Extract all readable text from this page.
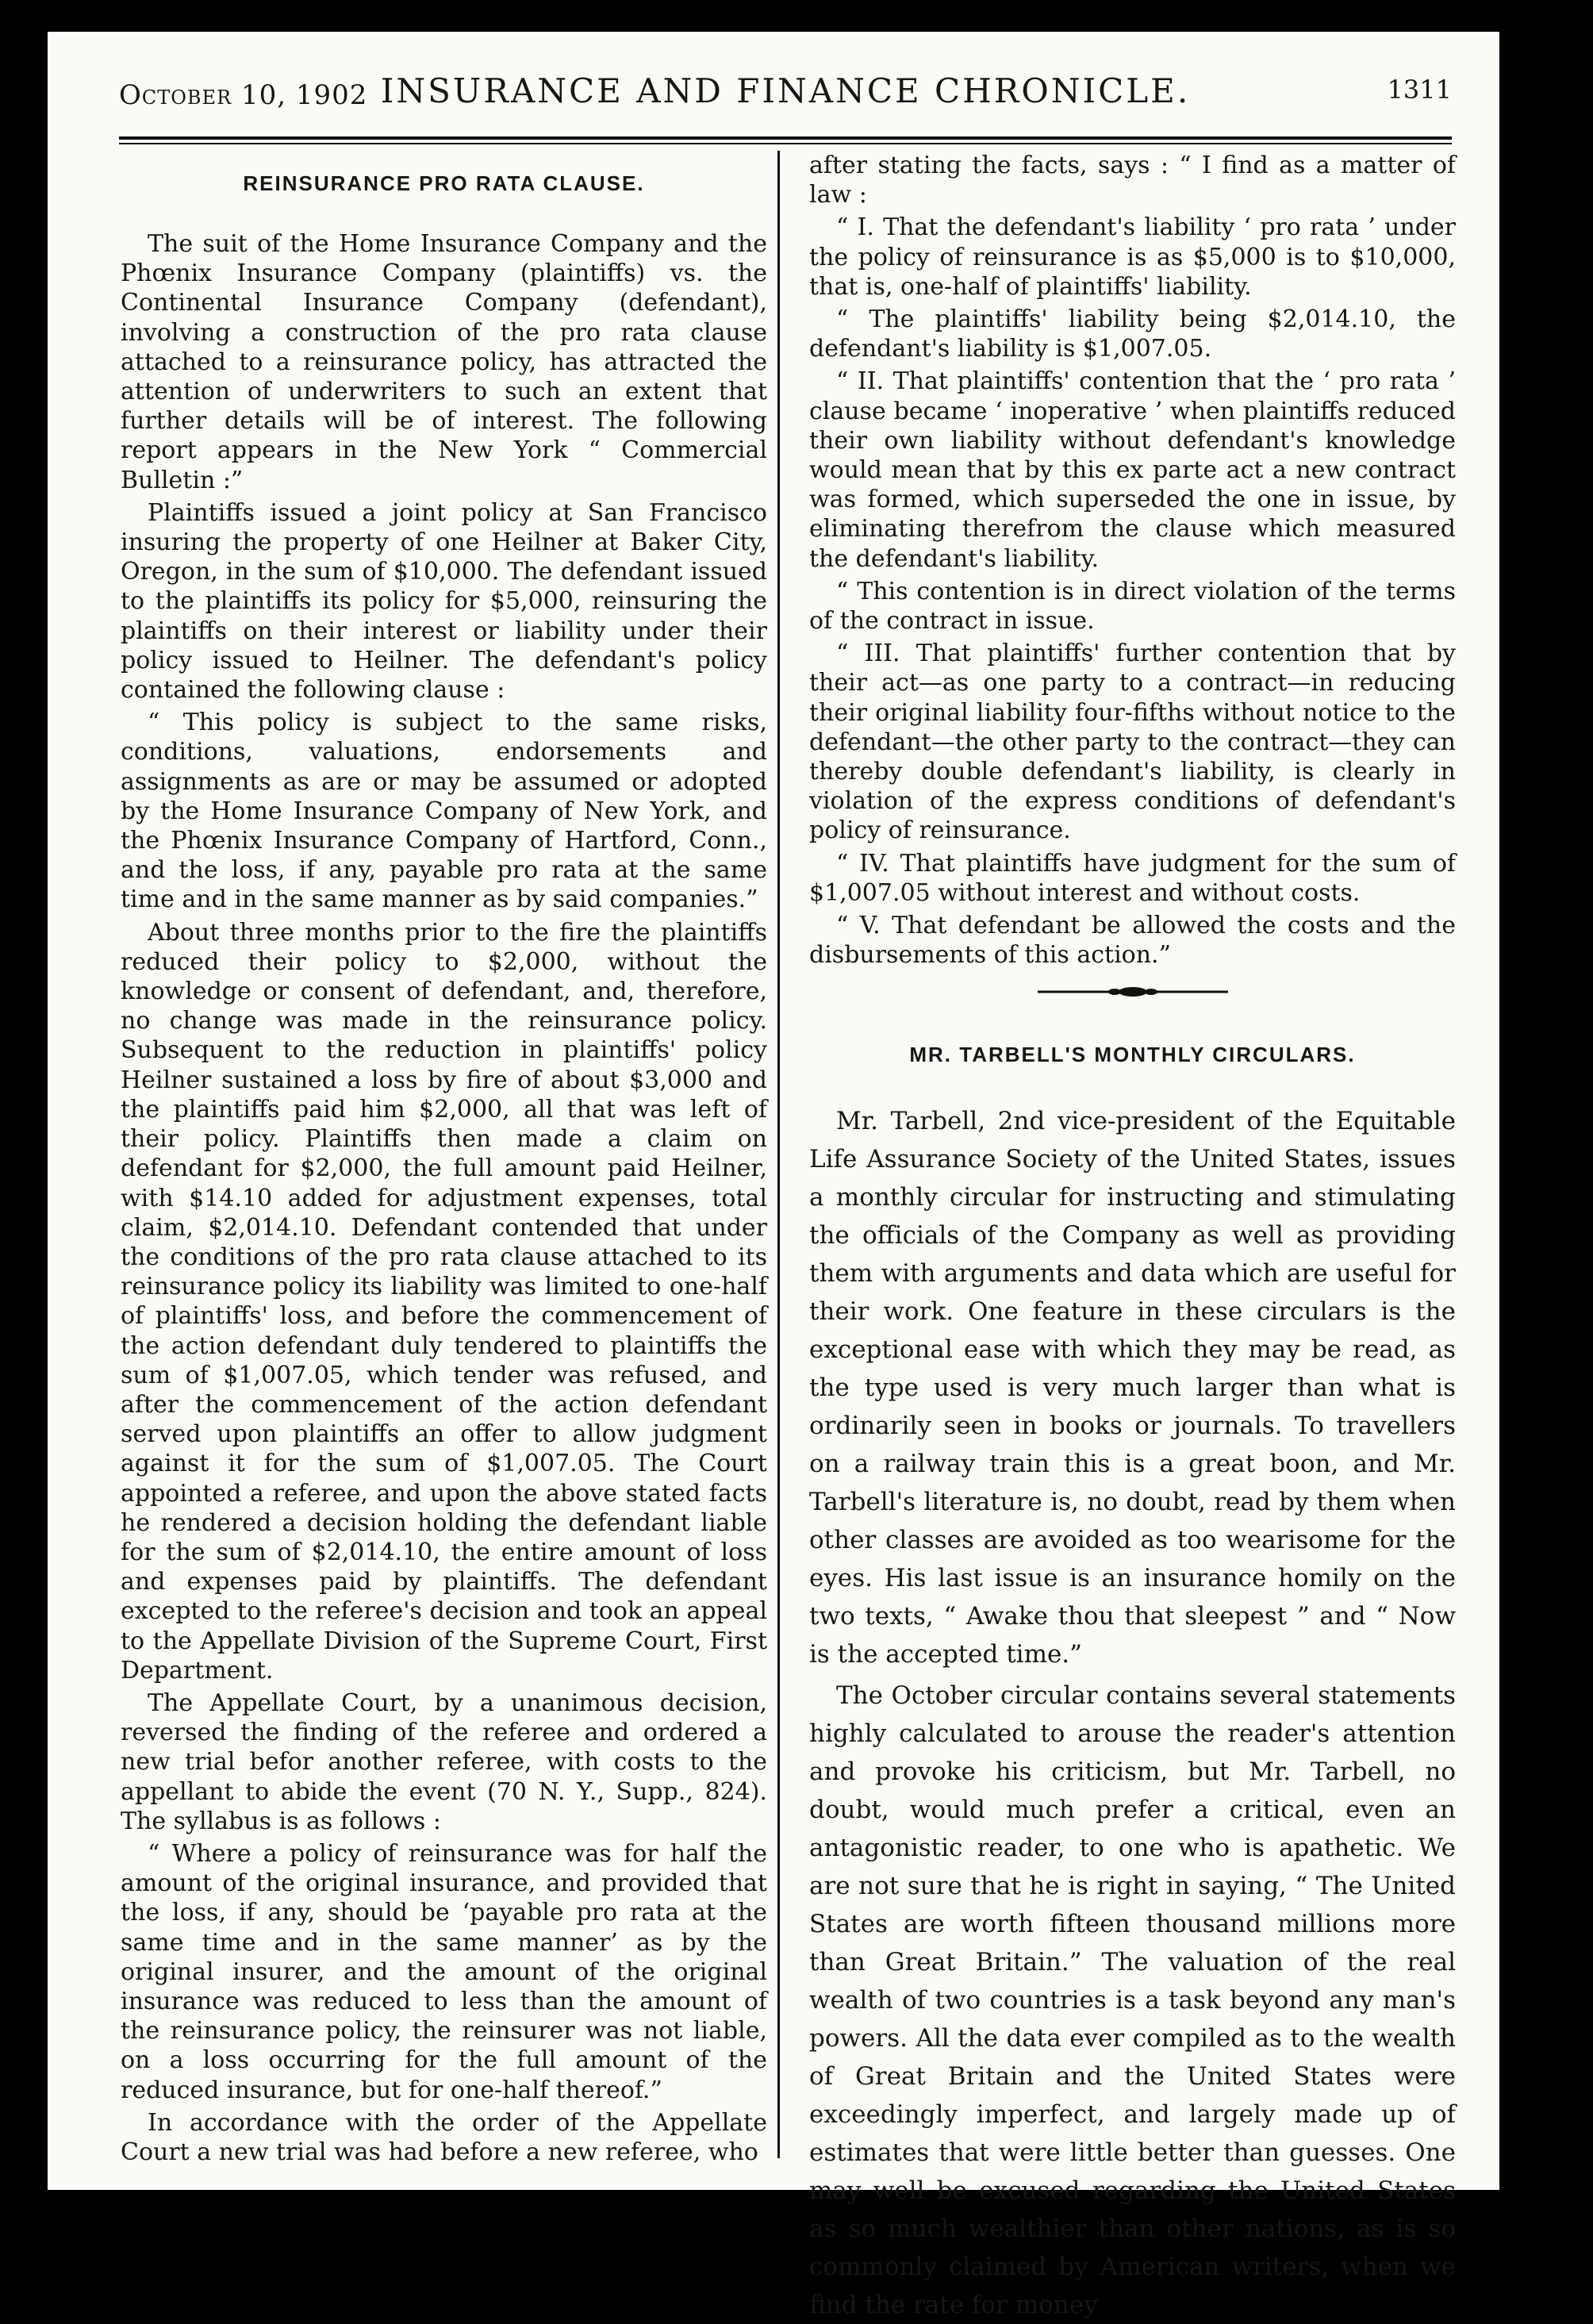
October 10, 1902 INSURANCE AND FINANCE CHRONICLE.	1311
REINSURANCE PRO RATA CLAUSE.

The suit of the Home Insurance Company and the Phœnix Insurance Company (plaintiffs) vs. the Continental Insurance Company (defendant), involving a construction of the pro rata clause attached to a reinsurance policy, has attracted the attention of underwriters to such an extent that further details will be of interest. The following report appears in the New York “ Commercial Bulletin :”

Plaintiffs issued a joint policy at San Francisco insuring the property of one Heilner at Baker City, Oregon, in the sum of $10,000. The defendant issued to the plaintiffs its policy for $5,000, reinsuring the plaintiffs on their interest or liability under their policy issued to Heilner. The defendant's policy contained the following clause :

“ This policy is subject to the same risks, conditions, valuations, endorsements and assignments as are or may be assumed or adopted by the Home Insurance Company of New York, and the Phœnix Insurance Company of Hartford, Conn., and the loss, if any, payable pro rata at the same time and in the same manner as by said companies.”

About three months prior to the fire the plaintiffs reduced their policy to $2,000, without the knowledge or consent of defendant, and, therefore, no change was made in the reinsurance policy. Subsequent to the reduction in plaintiffs' policy Heilner sustained a loss by fire of about $3,000 and the plaintiffs paid him $2,000, all that was left of their policy. Plaintiffs then made a claim on defendant for $2,000, the full amount paid Heilner, with $14.10 added for adjustment expenses, total claim, $2,014.10. Defendant contended that under the conditions of the pro rata clause attached to its reinsurance policy its liability was limited to one-half of plaintiffs' loss, and before the commencement of the action defendant duly tendered to plaintiffs the sum of $1,007.05, which tender was refused, and after the commencement of the action defendant served upon plaintiffs an offer to allow judgment against it for the sum of $1,007.05. The Court appointed a referee, and upon the above stated facts he rendered a decision holding the defendant liable for the sum of $2,014.10, the entire amount of loss and expenses paid by plaintiffs. The defendant excepted to the referee's decision and took an appeal to the Appellate Division of the Supreme Court, First Department.

The Appellate Court, by a unanimous decision, reversed the finding of the referee and ordered a new trial befor another referee, with costs to the appellant to abide the event (70 N. Y., Supp., 824). The syllabus is as follows :

“ Where a policy of reinsurance was for half the amount of the original insurance, and provided that the loss, if any, should be ‘payable pro rata at the same time and in the same manner’ as by the original insurer, and the amount of the original insurance was reduced to less than the amount of the reinsurance policy, the reinsurer was not liable, on a loss occurring for the full amount of the reduced insurance, but for one-half thereof.”

In accordance with the order of the Appellate Court a new trial was had before a new referee, who

after stating the facts, says : “ I find as a matter of law :

“ I. That the defendant's liability ‘ pro rata ’ under the policy of reinsurance is as $5,000 is to $10,000, that is, one-half of plaintiffs' liability.

“ The plaintiffs' liability being $2,014.10, the defendant's liability is $1,007.05.

“ II. That plaintiffs' contention that the ‘ pro rata ’ clause became ‘ inoperative ’ when plaintiffs reduced their own liability without defendant's knowledge would mean that by this ex parte act a new contract was formed, which superseded the one in issue, by eliminating therefrom the clause which measured the defendant's liability.

“ This contention is in direct violation of the terms of the contract in issue.

“ III. That plaintiffs' further contention that by their act—as one party to a contract—in reducing their original liability four-fifths without notice to the defendant—the other party to the contract—they can thereby double defendant's liability, is clearly in violation of the express conditions of defendant's policy of reinsurance.

“ IV. That plaintiffs have judgment for the sum of $1,007.05 without interest and without costs.

“ V. That defendant be allowed the costs and the disbursements of this action.”

MR. TARBELL'S MONTHLY CIRCULARS.

Mr. Tarbell, 2nd vice-president of the Equitable Life Assurance Society of the United States, issues a monthly circular for instructing and stimulating the officials of the Company as well as providing them with arguments and data which are useful for their work. One feature in these circulars is the exceptional ease with which they may be read, as the type used is very much larger than what is ordinarily seen in books or journals. To travellers on a railway train this is a great boon, and Mr. Tarbell's literature is, no doubt, read by them when other classes are avoided as too wearisome for the eyes. His last issue is an insurance homily on the two texts, “ Awake thou that sleepest ” and “ Now is the accepted time.”

The October circular contains several statements highly calculated to arouse the reader's attention and provoke his criticism, but Mr. Tarbell, no doubt, would much prefer a critical, even an antagonistic reader, to one who is apathetic. We are not sure that he is right in saying, “ The United States are worth fifteen thousand millions more than Great Britain.” The valuation of the real wealth of two countries is a task beyond any man's powers. All the data ever compiled as to the wealth of Great Britain and the United States were exceedingly imperfect, and largely made up of estimates that were little better than guesses. One may well be excused regarding the United States as so much wealthier than other nations, as is so commonly claimed by American writers, when we find the rate for money
